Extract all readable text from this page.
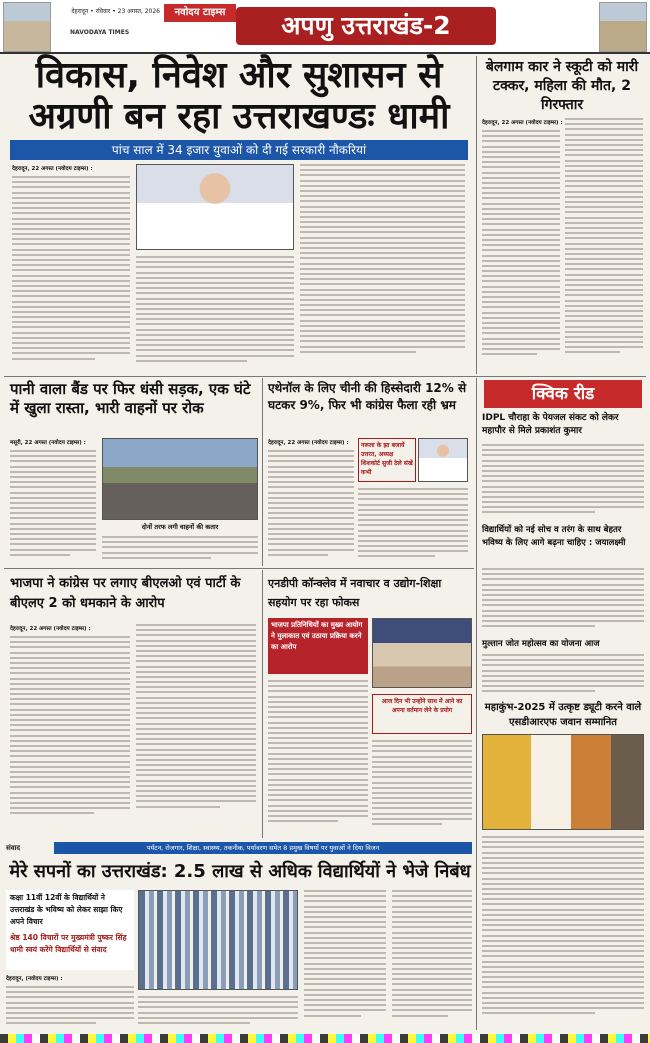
देहरादून • रविवार • 23 अगस्त, 2026	नवोदय टाइम्स
NAVODAYA TIMES	अपणु उत्तराखंड-2
विकास, निवेश और सुशासन से
अग्रणी बन रहा उत्तराखण्डः धामी
पांच साल में 34 इजार युवाओं को दी गई सरकारी नौकरियां
देहरादून, 22 अगस्त (नवोदय टाइम्स) :
बेलगाम कार ने स्कूटी को मारी टक्कर, महिला की मौत, 2 गिरफ्तार
देहरादून, 22 अगस्त (नवोदय टाइम्स) :
पानी वाला बैंड पर फिर धंसी सड़क, एक घंटे में खुला रास्ता, भारी वाहनों पर रोक
मसूरी, 22 अगस्त (नवोदय टाइम्स) :
दोनों तरफ लगी वाहनों की कतार
एथेनॉल के लिए चीनी की हिस्सेदारी 12% से घटकर 9%, फिर भी कांग्रेस फैला रही भ्रम
देहरादून, 22 अगस्त (नवोदय टाइम्स) :	नरूला के झा बजायें उत्तरत, अध्यक्ष शिशकोर्ट सुजी ठेले संखें कभी
क्विक रीड
IDPL चौराहा के पेयजल संकट को लेकर महापौर से मिले प्रकाशंत कुमार
विद्यार्थियों को नई सोच व तरंग के साथ बेहतर भविष्य के लिए आगे बढ़ना चाहिए : जयालक्ष्मी
मुल्तान जोत महोत्सव का योजना आज
महाकुंभ-2025 में उत्कृष्ट ड्यूटी करने वाले एसडीआरएफ जवान सम्मानित
भाजपा ने कांग्रेस पर लगाए बीएलओ एवं पार्टी के बीएलए 2 को धमकाने के आरोप
देहरादून, 22 अगस्त (नवोदय टाइम्स) :
एनडीपी कॉन्क्लेव में नवाचार व उद्योग-शिक्षा सहयोग पर रहा फोकस
भाजपा प्रतिनिधियों का मुख्य आयोग ने मुलाकात एवं उठाया प्रक्रिया करने का आरोप
आज दिन भी उन्होंने साथ में आने का अपना वर्तमान लेने के प्रयोग
संवाद	पर्यटन, रोजगार, शिक्षा, स्वास्थ्य, तकनीक, पर्यावरण समेत 8 प्रमुख विषयों पर युवाओं ने दिया विजन
मेरे सपनों का उत्तराखंड: 2.5 लाख से अधिक विद्यार्थियों ने भेजे निबंध
कक्षा 11वीं 12वीं के विद्यार्थियों ने उत्तराखंड के भविष्य को लेकर साझा किए अपने विचार
श्रेष्ठ 140 विचारों पर मुख्यमंत्री पुष्कर सिंह धामी स्वयं करेंगे विद्यार्थियों से संवाद
देहरादून, (नवोदय टाइम्स) :
